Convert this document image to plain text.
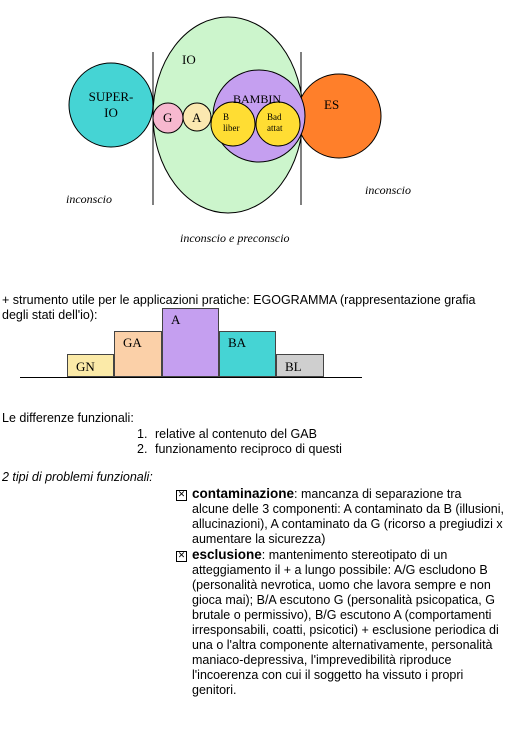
SUPER-IO
IO
G A
BAMBIN
B liber
Bad attat
ES
inconscio
inconscio
inconscio e preconscio
+ strumento utile per le applicazioni pratiche: EGOGRAMMA (rappresentazione grafia
degli stati dell'io):
GN
GA
A
BA
BL
Le differenze funzionali:
1. relative al contenuto del GAB
2. funzionamento reciproco di questi
2 tipi di problemi funzionali:
✕ contaminazione: mancanza di separazione tra
alcune delle 3 componenti: A contaminato da B (illusioni,
allucinazioni), A contaminato da G (ricorso a pregiudizi x
aumentare la sicurezza)
✕ esclusione: mantenimento stereotipato di un
atteggiamento il + a lungo possibile: A/G escludono B
(personalità nevrotica, uomo che lavora sempre e non
gioca mai); B/A escutono G (personalità psicopatica, G
brutale o permissivo), B/G escutono A (comportamenti
irresponsabili, coatti, psicotici) + esclusione periodica di
una o l'altra componente alternativamente, personalità
maniaco-depressiva, l'imprevedibilità riproduce
l'incoerenza con cui il soggetto ha vissuto i propri
genitori.
